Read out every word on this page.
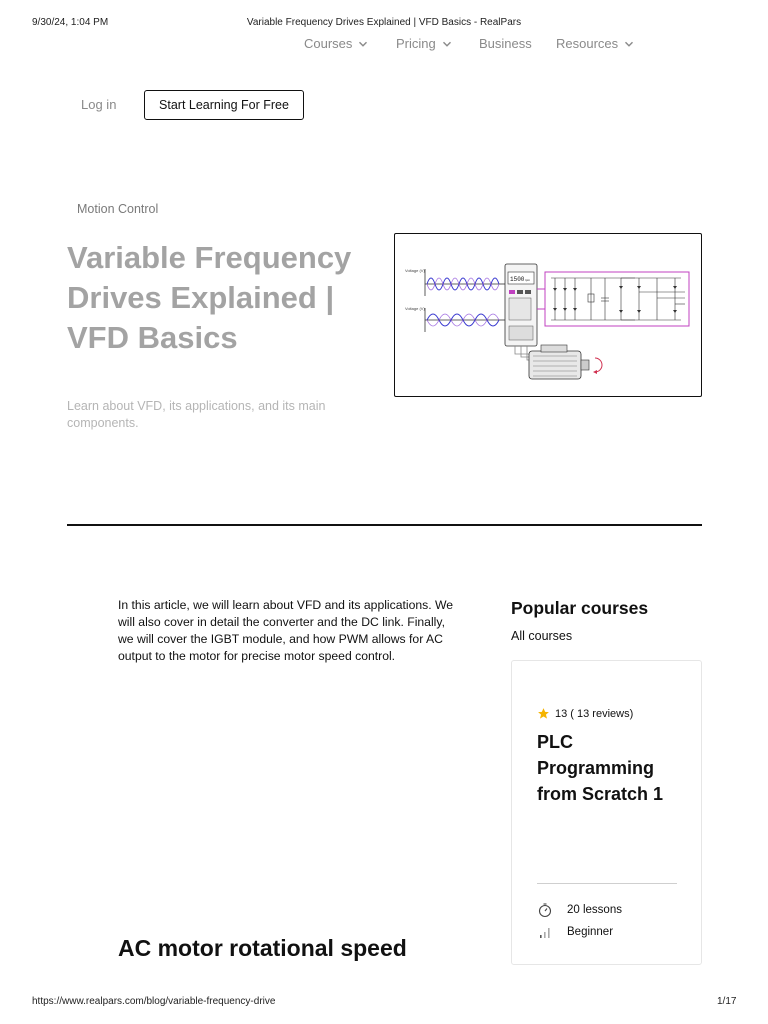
9/30/24, 1:04 PM	Variable Frequency Drives Explained | VFD Basics - RealPars
Courses	Pricing	Business Resources
Log in	Start Learning For Free
Motion Control
Variable Frequency Drives Explained | VFD Basics
Learn about VFD, its applications, and its main components.
Voltage (V)
Voltage (V)
1500 rpm
In this article, we will learn about VFD and its applications. We will also cover in detail the converter and the DC link. Finally, we will cover the IGBT module, and how PWM allows for AC output to the motor for precise motor speed control.
AC motor rotational speed
Popular courses
All courses
13 ( 13 reviews)
PLC Programming from Scratch 1
20 lessons
Beginner
https://www.realpars.com/blog/variable-frequency-drive	1/17
